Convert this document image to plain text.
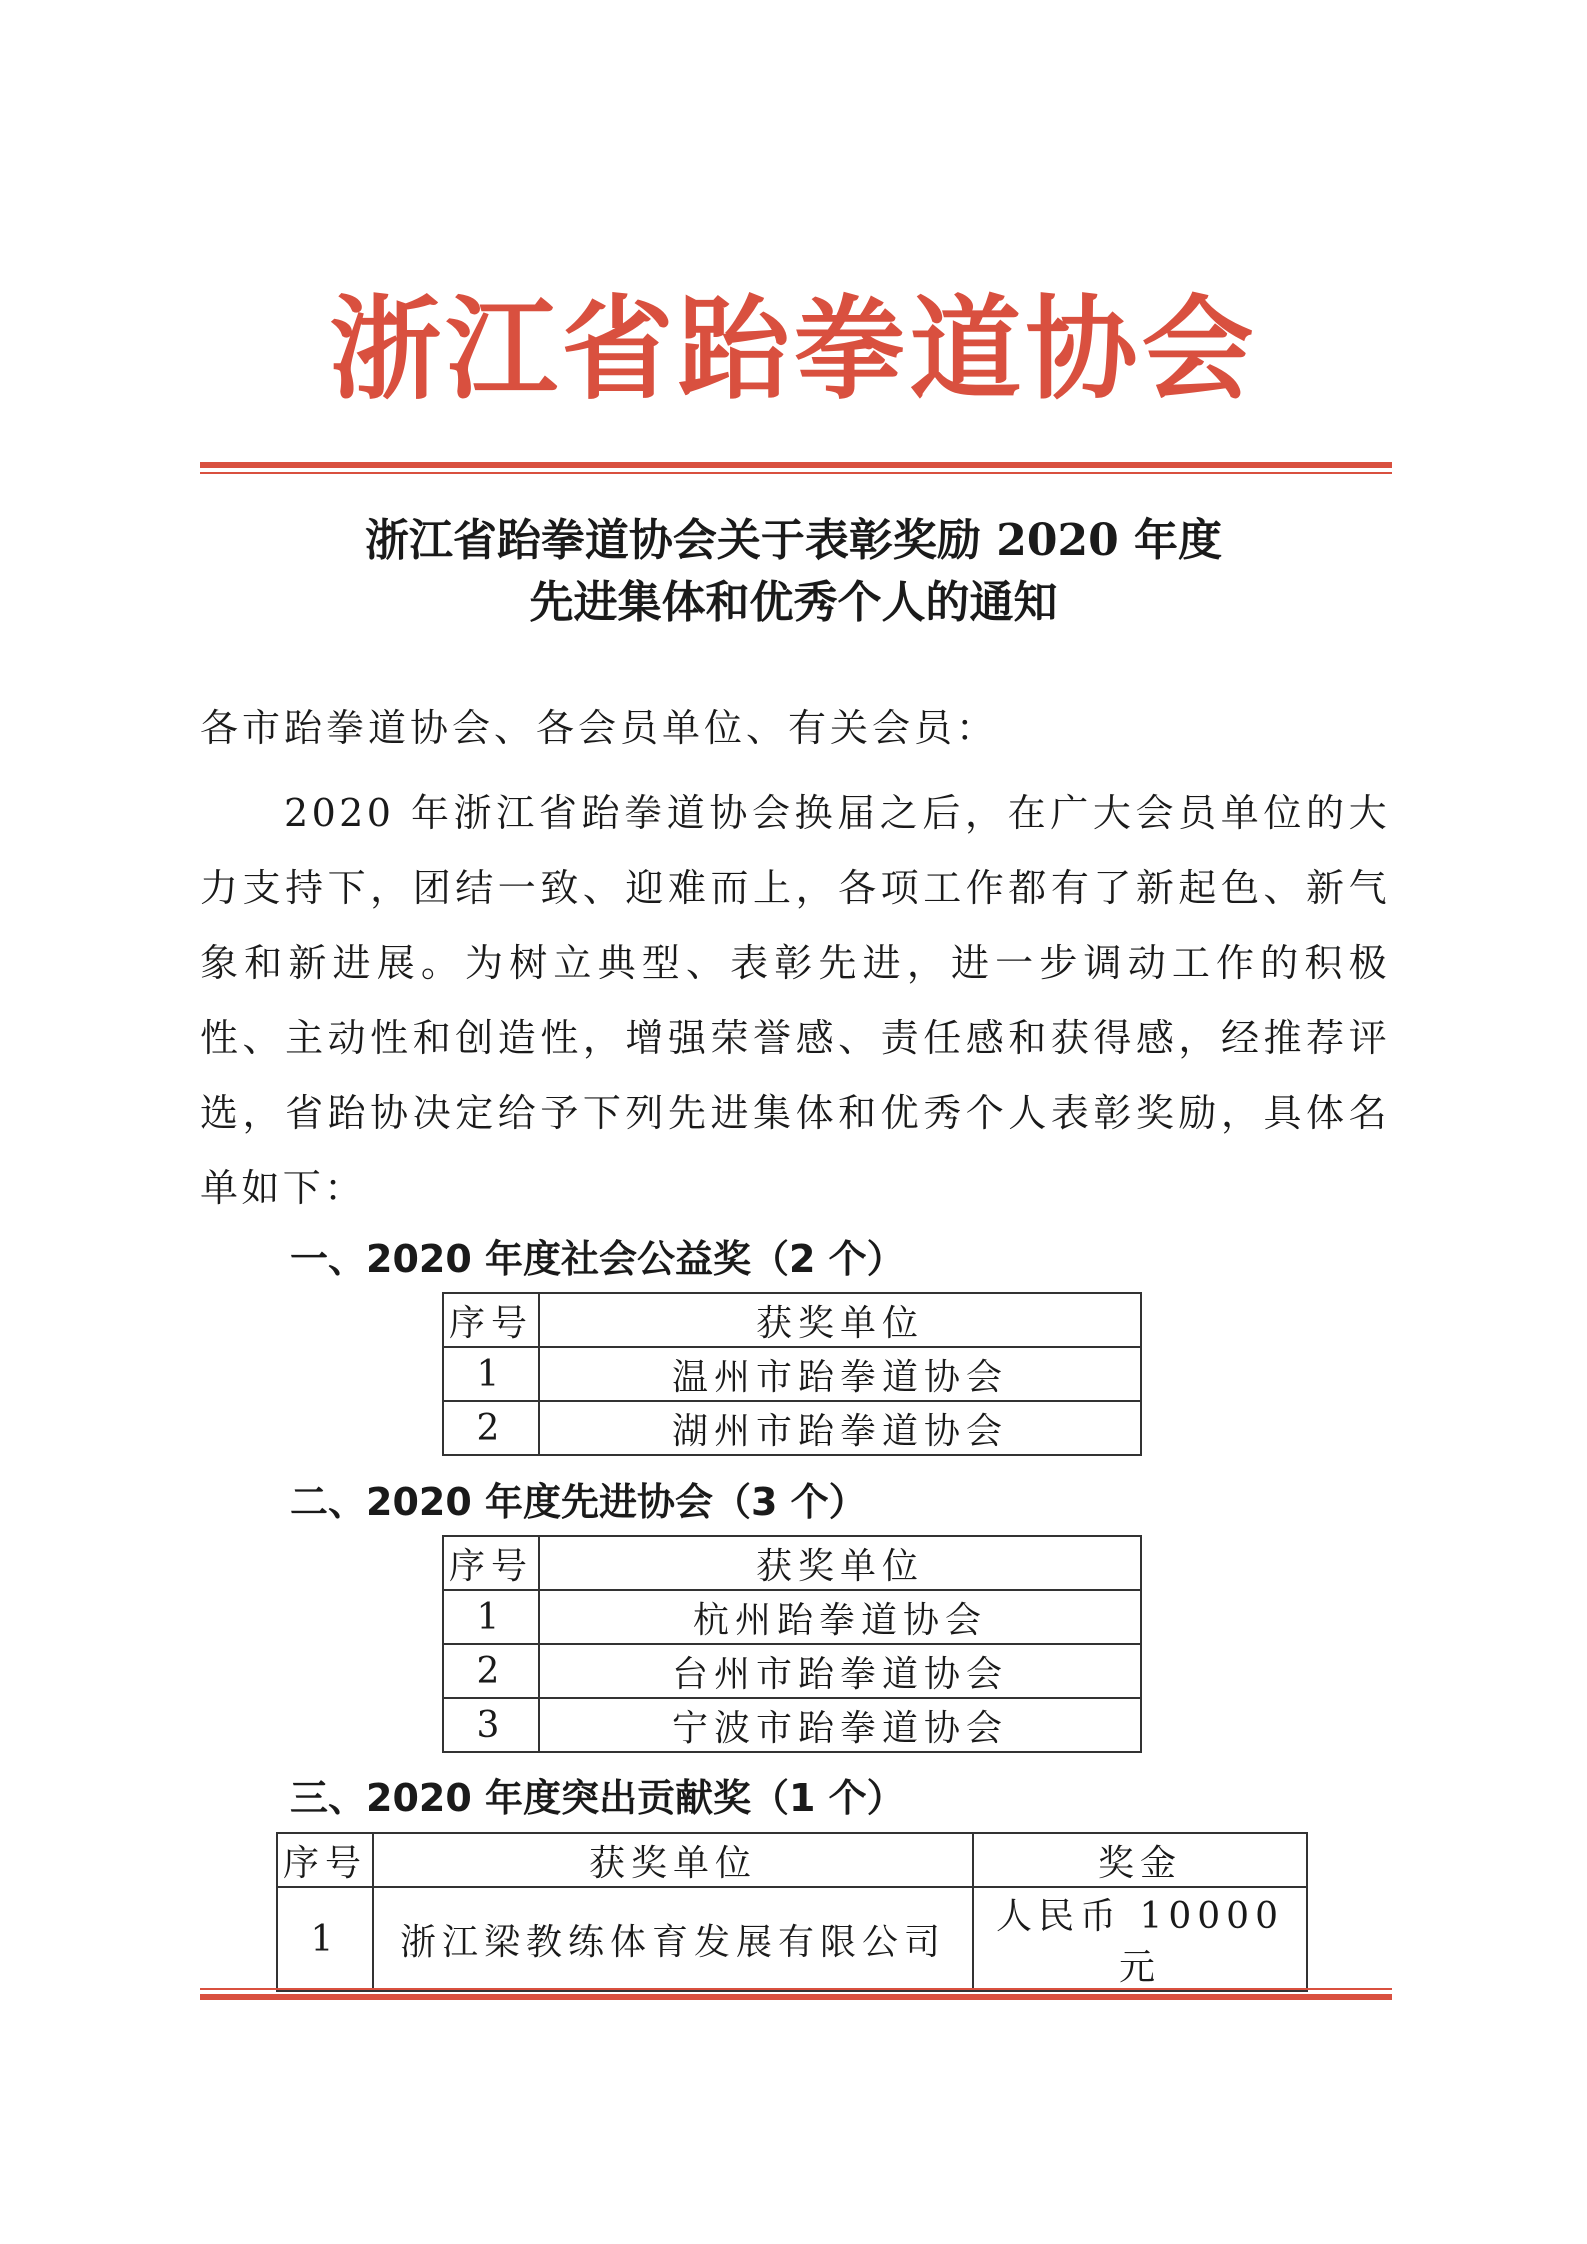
浙江省跆拳道协会
浙江省跆拳道协会关于表彰奖励 2020 年度
先进集体和优秀个人的通知
各市跆拳道协会、各会员单位、有关会员：
2020 年浙江省跆拳道协会换届之后，在广大会员单位的大力支持下，团结一致、迎难而上，各项工作都有了新起色、新气象和新进展。为树立典型、表彰先进，进一步调动工作的积极性、主动性和创造性，增强荣誉感、责任感和获得感，经推荐评选，省跆协决定给予下列先进集体和优秀个人表彰奖励，具体名单如下：
一、2020 年度社会公益奖（2 个）
序号	获奖单位
1	温州市跆拳道协会
2	湖州市跆拳道协会
二、2020 年度先进协会（3 个）
序号	获奖单位
1	杭州跆拳道协会
2	台州市跆拳道协会
3	宁波市跆拳道协会
三、2020 年度突出贡献奖（1 个）
序号	获奖单位	奖金
1	浙江梁教练体育发展有限公司	人民币 10000 元
